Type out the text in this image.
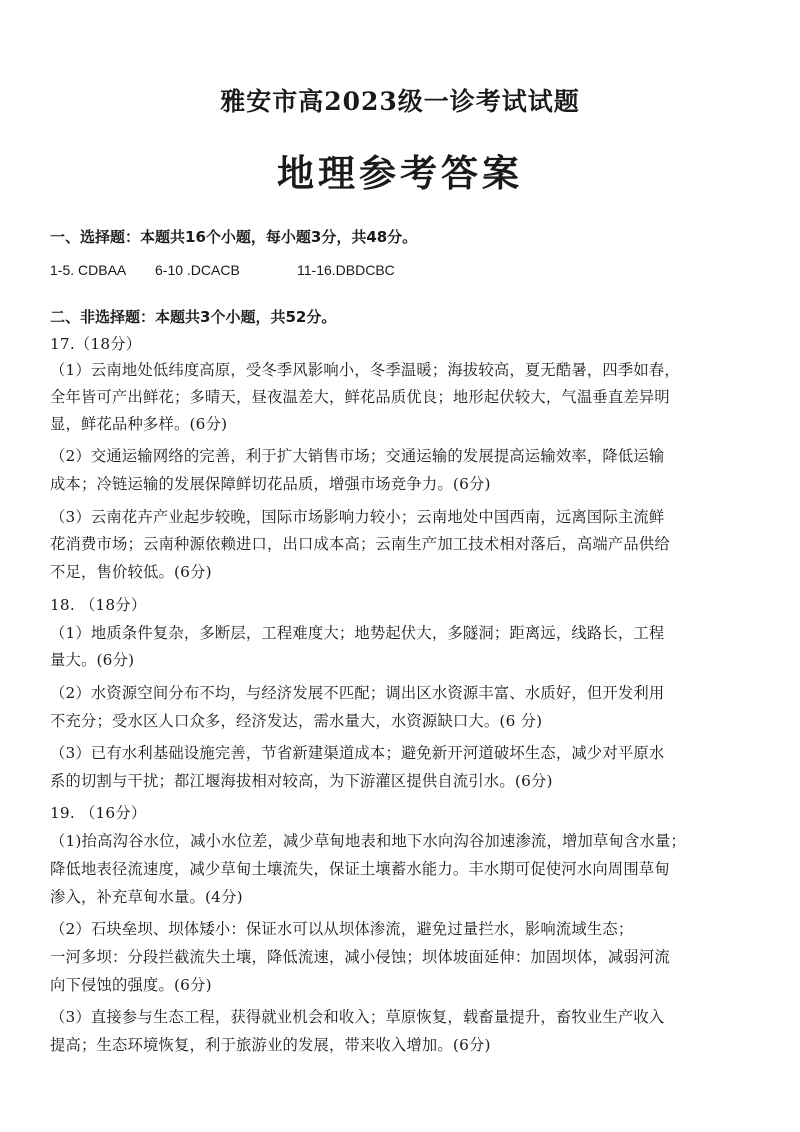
雅安市高2023级一诊考试试题
地理参考答案
一、选择题：本题共16个小题，每小题3分，共48分。
1-5. CDBAA 6-10 .DCACB	11-16.DBDCBC
二、非选择题：本题共3个小题，共52分。
17.（18分）
（1）云南地处低纬度高原，受冬季风影响小，冬季温暖；海拔较高，夏无酷暑，四季如春，
全年皆可产出鲜花；多晴天，昼夜温差大，鲜花品质优良；地形起伏较大，气温垂直差异明
显，鲜花品种多样。(6分)
（2）交通运输网络的完善，利于扩大销售市场；交通运输的发展提高运输效率，降低运输
成本；冷链运输的发展保障鲜切花品质，增强市场竞争力。(6分)
（3）云南花卉产业起步较晚，国际市场影响力较小；云南地处中国西南，远离国际主流鲜
花消费市场；云南种源依赖进口，出口成本高；云南生产加工技术相对落后，高端产品供给
不足，售价较低。(6分)
18. （18分）
（1）地质条件复杂，多断层，工程难度大；地势起伏大，多隧洞；距离远，线路长，工程
量大。(6分)
（2）水资源空间分布不均，与经济发展不匹配；调出区水资源丰富、水质好，但开发利用
不充分；受水区人口众多，经济发达，需水量大，水资源缺口大。(6 分)
（3）已有水利基础设施完善，节省新建渠道成本；避免新开河道破坏生态，减少对平原水
系的切割与干扰；都江堰海拔相对较高，为下游灌区提供自流引水。(6分)
19. （16分）
（1)抬高沟谷水位，减小水位差，减少草甸地表和地下水向沟谷加速渗流，增加草甸含水量；
降低地表径流速度，减少草甸土壤流失，保证土壤蓄水能力。丰水期可促使河水向周围草甸
渗入，补充草甸水量。(4分)
（2）石块垒坝、坝体矮小：保证水可以从坝体渗流，避免过量拦水，影响流域生态；
一河多坝：分段拦截流失土壤，降低流速，减小侵蚀；坝体坡面延伸：加固坝体，减弱河流
向下侵蚀的强度。(6分)
（3）直接参与生态工程，获得就业机会和收入；草原恢复，载畜量提升，畜牧业生产收入
提高；生态环境恢复，利于旅游业的发展，带来收入增加。(6分)
